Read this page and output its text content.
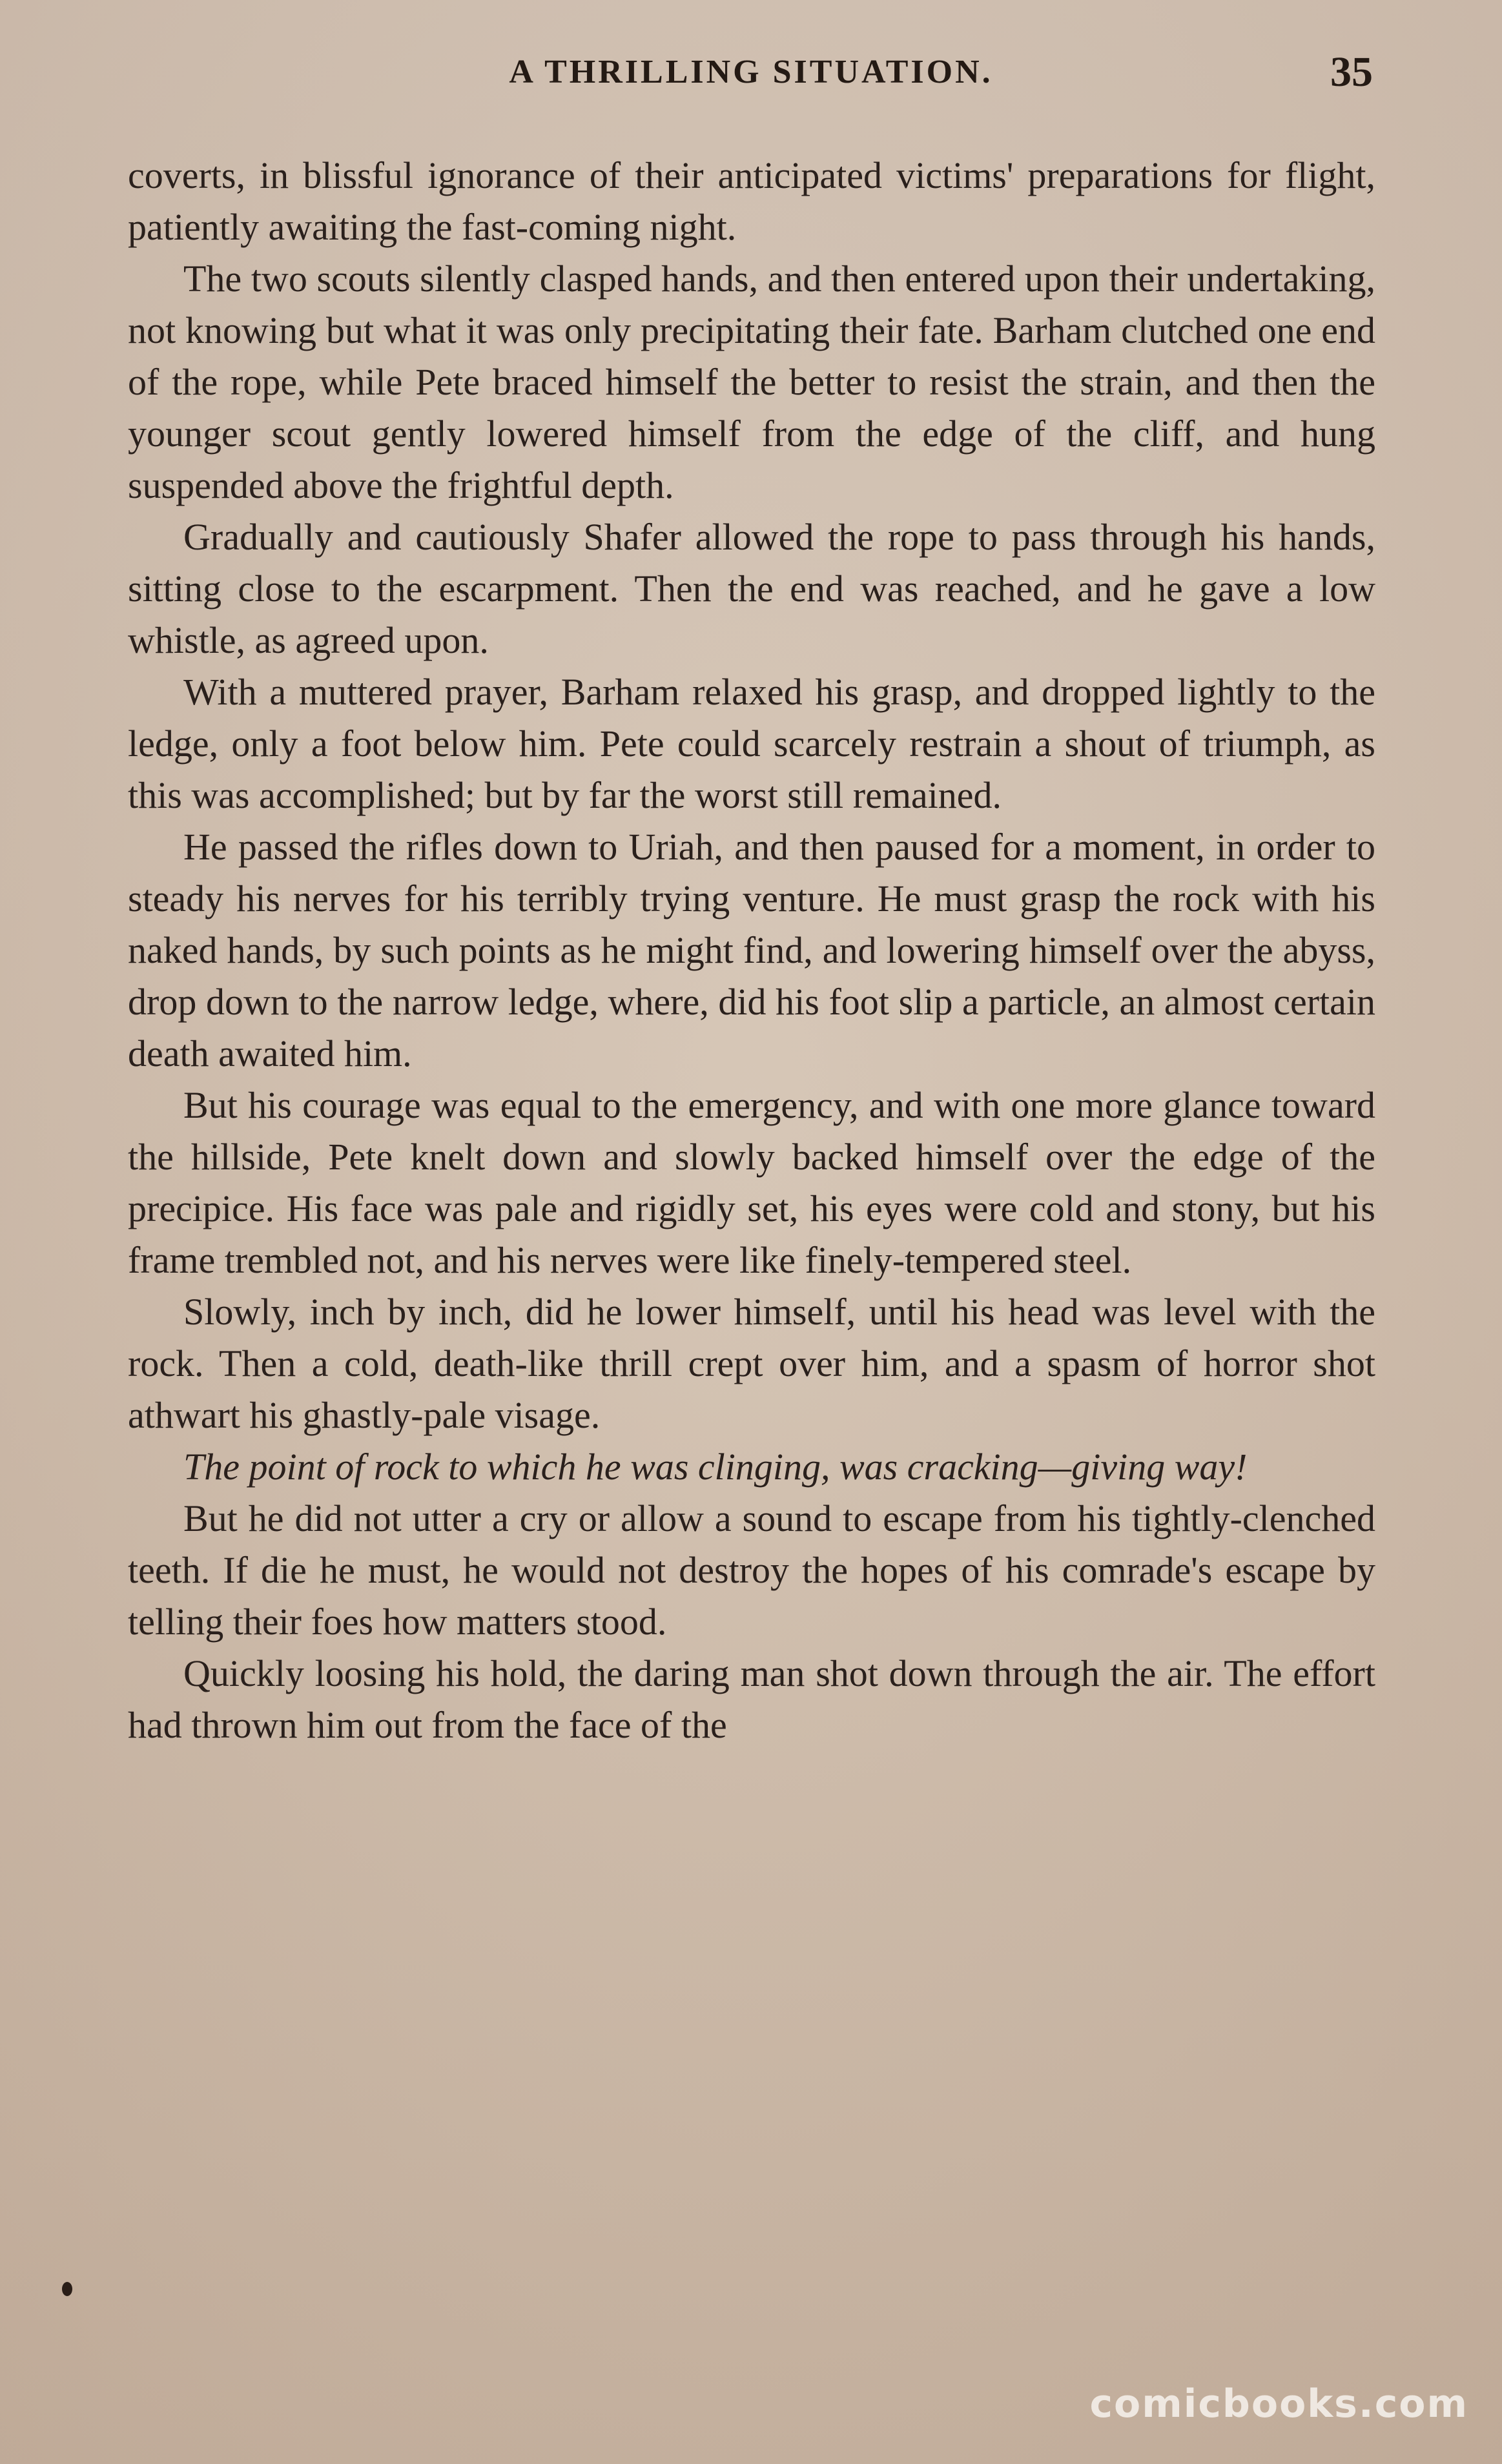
A THRILLING SITUATION.	35

coverts, in blissful ignorance of their anticipated victims' preparations for flight, patiently awaiting the fast-coming night.

The two scouts silently clasped hands, and then entered upon their undertaking, not knowing but what it was only precipitating their fate. Barham clutched one end of the rope, while Pete braced himself the better to resist the strain, and then the younger scout gently lowered himself from the edge of the cliff, and hung suspended above the frightful depth.

Gradually and cautiously Shafer allowed the rope to pass through his hands, sitting close to the escarpment. Then the end was reached, and he gave a low whistle, as agreed upon.

With a muttered prayer, Barham relaxed his grasp, and dropped lightly to the ledge, only a foot below him. Pete could scarcely restrain a shout of triumph, as this was accomplished; but by far the worst still remained.

He passed the rifles down to Uriah, and then paused for a moment, in order to steady his nerves for his terribly trying venture. He must grasp the rock with his naked hands, by such points as he might find, and lowering himself over the abyss, drop down to the narrow ledge, where, did his foot slip a particle, an almost certain death awaited him.

But his courage was equal to the emergency, and with one more glance toward the hillside, Pete knelt down and slowly backed himself over the edge of the precipice. His face was pale and rigidly set, his eyes were cold and stony, but his frame trembled not, and his nerves were like finely-tempered steel.

Slowly, inch by inch, did he lower himself, until his head was level with the rock. Then a cold, death-like thrill crept over him, and a spasm of horror shot athwart his ghastly-pale visage.

The point of rock to which he was clinging, was cracking—giving way!

But he did not utter a cry or allow a sound to escape from his tightly-clenched teeth. If die he must, he would not destroy the hopes of his comrade's escape by telling their foes how matters stood.

Quickly loosing his hold, the daring man shot down through the air. The effort had thrown him out from the face of the

comicbooks.com
